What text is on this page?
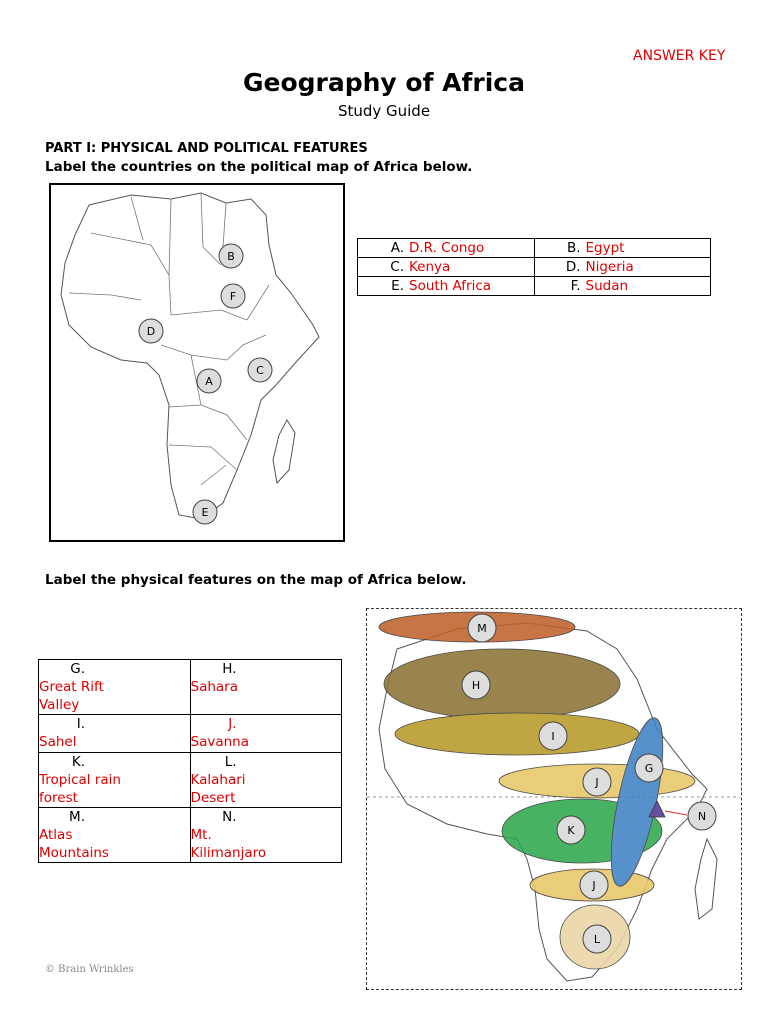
ANSWER KEY
Geography of Africa
Study Guide
PART I: PHYSICAL AND POLITICAL FEATURES
Label the countries on the political map of Africa below.
B
F
D
A
C
E
A. D.R. Congo	B. Egypt
C. Kenya	D. Nigeria
E. South Africa	F. Sudan
Label the physical features on the map of Africa below.
G.Great Rift Valley	H.Sahara
I.Sahel	J.Savanna
K.Tropical rain forest	L.Kalahari Desert
M.Atlas Mountains	N.Mt. Kilimanjaro
M
H
I
J
G
N
K
J
L
© Brain Wrinkles
